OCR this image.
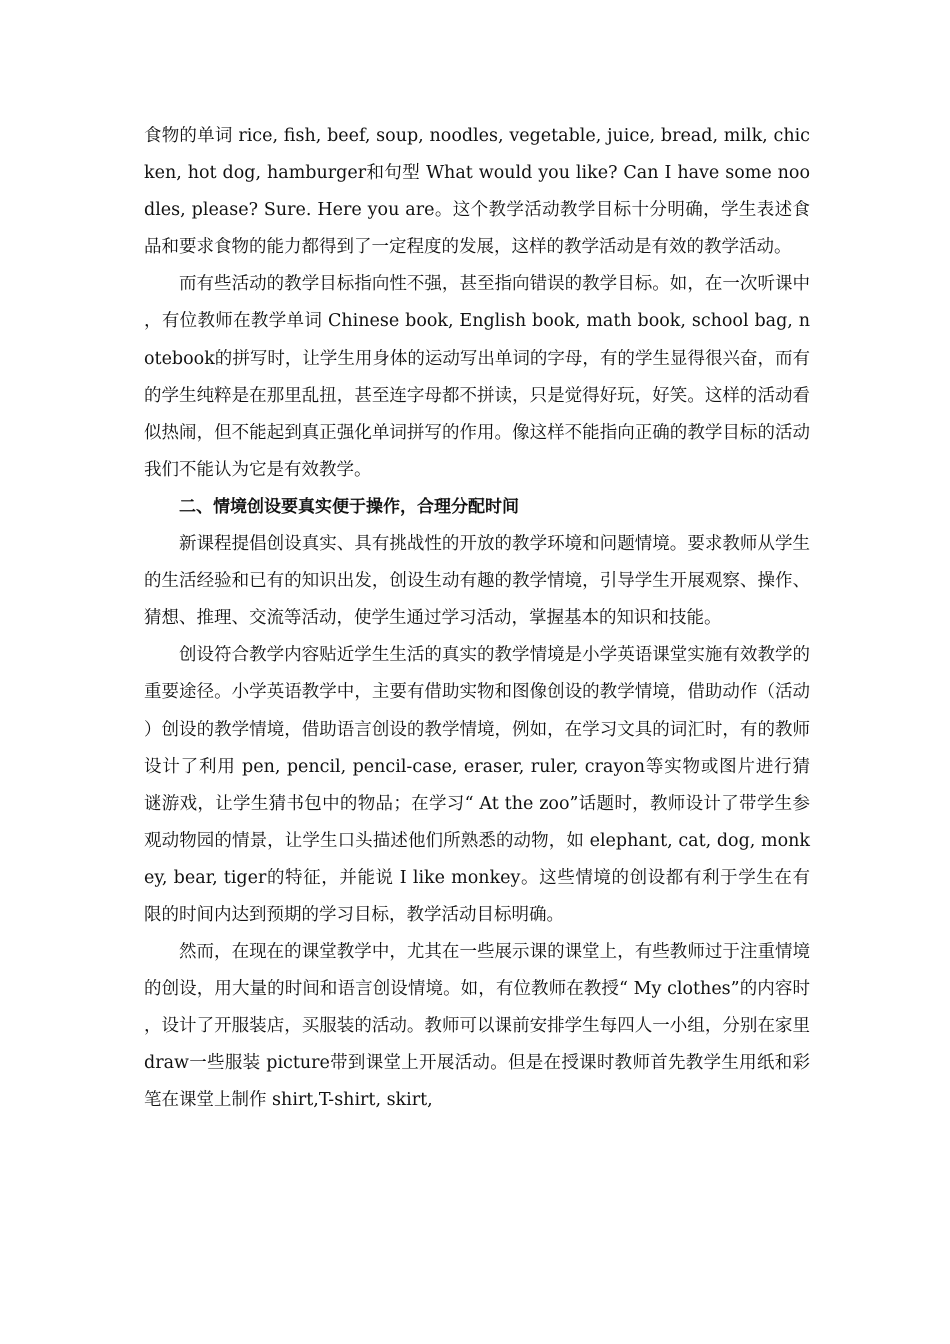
食物的单词 rice, fish, beef, soup, noodles, vegetable, juice, bread, milk, chicken, hot dog, hamburger和句型 What would you like? Can I have some noodles, please? Sure. Here you are。这个教学活动教学目标十分明确，学生表述食品和要求食物的能力都得到了一定程度的发展，这样的教学活动是有效的教学活动。

而有些活动的教学目标指向性不强，甚至指向错误的教学目标。如，在一次听课中，有位教师在教学单词 Chinese book, English book, math book, school bag, notebook的拼写时，让学生用身体的运动写出单词的字母，有的学生显得很兴奋，而有的学生纯粹是在那里乱扭，甚至连字母都不拼读，只是觉得好玩，好笑。这样的活动看似热闹，但不能起到真正强化单词拼写的作用。像这样不能指向正确的教学目标的活动我们不能认为它是有效教学。

二、情境创设要真实便于操作，合理分配时间

新课程提倡创设真实、具有挑战性的开放的教学环境和问题情境。要求教师从学生的生活经验和已有的知识出发，创设生动有趣的教学情境，引导学生开展观察、操作、猜想、推理、交流等活动，使学生通过学习活动，掌握基本的知识和技能。

创设符合教学内容贴近学生生活的真实的教学情境是小学英语课堂实施有效教学的重要途径。小学英语教学中，主要有借助实物和图像创设的教学情境，借助动作（活动）创设的教学情境，借助语言创设的教学情境，例如，在学习文具的词汇时，有的教师设计了利用 pen, pencil, pencil-case, eraser, ruler, crayon等实物或图片进行猜谜游戏，让学生猜书包中的物品；在学习“ At the zoo”话题时，教师设计了带学生参观动物园的情景，让学生口头描述他们所熟悉的动物，如 elephant, cat, dog, monkey, bear, tiger的特征，并能说 I like monkey。这些情境的创设都有利于学生在有限的时间内达到预期的学习目标，教学活动目标明确。

然而，在现在的课堂教学中，尤其在一些展示课的课堂上，有些教师过于注重情境的创设，用大量的时间和语言创设情境。如，有位教师在教授“ My clothes”的内容时，设计了开服装店，买服装的活动。教师可以课前安排学生每四人一小组，分别在家里 draw一些服装 picture带到课堂上开展活动。但是在授课时教师首先教学生用纸和彩笔在课堂上制作 shirt,T-shirt, skirt,
